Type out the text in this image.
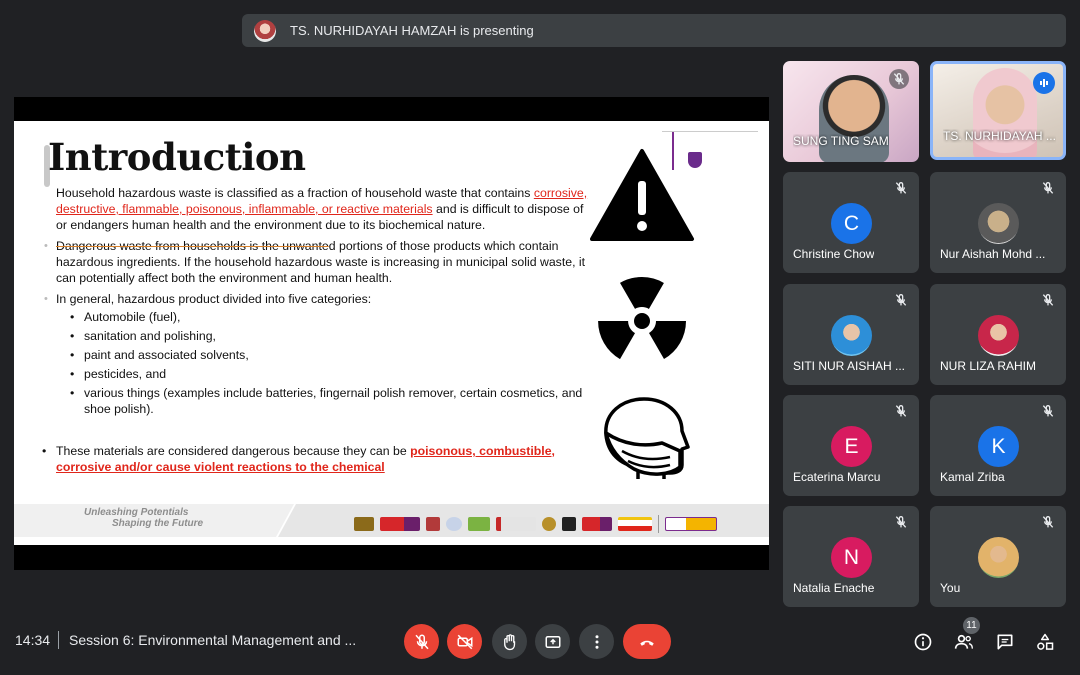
TS. NURHIDAYAH HAMZAH is presenting
Introduction
Household hazardous waste is classified as a fraction of household waste that contains corrosive, destructive, flammable, poisonous, inflammable, or reactive materials and is difficult to dispose of or endangers human health and the environment due to its biochemical nature.
• Dangerous waste from households is the unwanted portions of those products which contain hazardous ingredients. If the household hazardous waste is increasing in municipal solid waste, it can potentially affect both the environment and human health.
• In general, hazardous product divided into five categories:
• Automobile (fuel),
• sanitation and polishing,
• paint and associated solvents,
• pesticides, and
• various things (examples include batteries, fingernail polish remover, certain cosmetics, and shoe polish).
• These materials are considered dangerous because they can be poisonous, combustible, corrosive and/or cause violent reactions to the chemical
Unleashing Potentials
Shaping the Future
SUNG TING SAM	TS. NURHIDAYAH ...
C
Christine Chow	Nur Aishah Mohd ...
SITI NUR AISHAH ...	NUR LIZA RAHIM
E
Ecaterina Marcu
K
Kamal Zriba
N
Natalia Enache	You
14:34 Session 6: Environmental Management and ...
11
